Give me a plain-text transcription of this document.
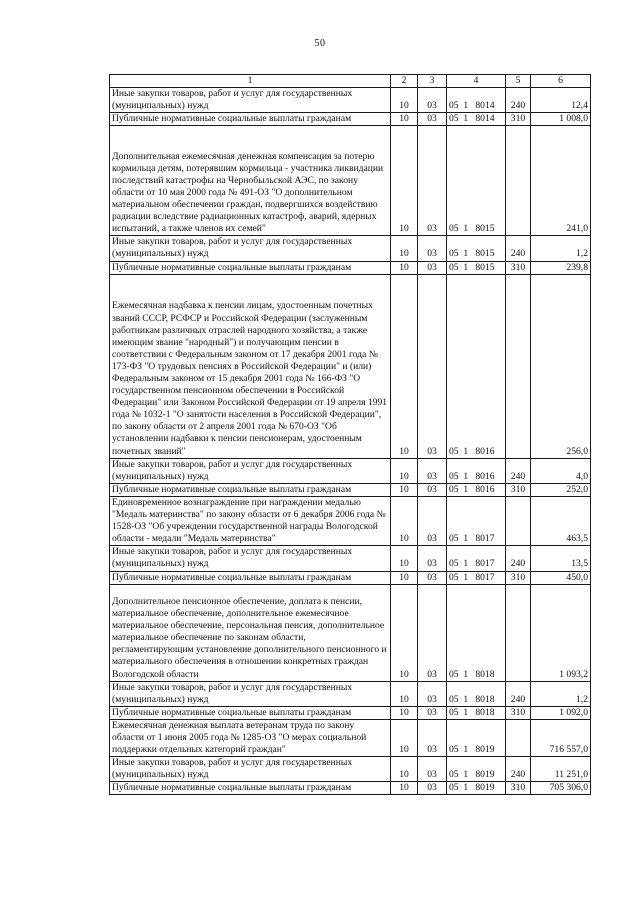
50
1	2	3	4	5	6
Иные закупки товаров, работ и услуг для государственных (муниципальных) нужд	10	03	05  1   8014	240	12,4
Публичные нормативные социальные выплаты гражданам	10	03	05  1   8014	310	1 008,0
Дополнительная ежемесячная денежная компенсация за потерю кормильца детям, потерявшим кормильца - участника ликвидации последствий катастрофы на Чернобыльской АЭС, по закону области от 10 мая 2000 года № 491-ОЗ "О дополнительном материальном обеспечении граждан, подвергшихся воздействию радиации вследствие радиационных катастроф, аварий, ядерных испытаний, а также членов их семей"	10	03	05  1   8015		241,0
Иные закупки товаров, работ и услуг для государственных (муниципальных) нужд	10	03	05  1   8015	240	1,2
Публичные нормативные социальные выплаты гражданам	10	03	05  1   8015	310	239,8
Ежемесячная надбавка к пенсии лицам, удостоенным почетных званий СССР, РСФСР и Российской Федерации (заслуженным работникам различных отраслей народного хозяйства, а также имеющим звание "народный") и получающим пенсии в соответствии с Федеральным законом от 17 декабря 2001 года № 173-ФЗ "О трудовых пенсиях в Российской Федерации" и (или) Федеральным законом от 15 декабря 2001 года № 166-ФЗ "О государственном пенсионном обеспечении в Российской Федерации" или Законом Российской Федерации от 19 апреля 1991 года № 1032-1 "О занятости населения в Российской Федерации", по закону области от 2 апреля 2001 года № 670-ОЗ "Об установлении надбавки к пенсии пенсионерам, удостоенным почетных званий"	10	03	05  1   8016		256,0
Иные закупки товаров, работ и услуг для государственных (муниципальных) нужд	10	03	05  1   8016	240	4,0
Публичные нормативные социальные выплаты гражданам	10	03	05  1   8016	310	252,0
Единовременное вознаграждение при награждении медалью "Медаль материнства" по закону области от 6 декабря 2006 года № 1528-ОЗ "Об учреждении государственной награды Вологодской области - медали "Медаль материнства"	10	03	05  1   8017		463,5
Иные закупки товаров, работ и услуг для государственных (муниципальных) нужд	10	03	05  1   8017	240	13,5
Публичные нормативные социальные выплаты гражданам	10	03	05  1   8017	310	450,0
Дополнительное пенсионное обеспечение, доплата к пенсии, материальное обеспечение, дополнительное ежемесячное материальное обеспечение, персональная пенсия, дополнительное материальное обеспечение по законам области, регламентирующим установление дополнительного пенсионного и материального обеспечения в отношении конкретных граждан Вологодской области	10	03	05  1   8018		1 093,2
Иные закупки товаров, работ и услуг для государственных (муниципальных) нужд	10	03	05  1   8018	240	1,2
Публичные нормативные социальные выплаты гражданам	10	03	05  1   8018	310	1 092,0
Ежемесячная денежная выплата ветеранам труда по закону области от 1 июня 2005 года № 1285-ОЗ "О мерах социальной поддержки отдельных категорий граждан"	10	03	05  1   8019		716 557,0
Иные закупки товаров, работ и услуг для государственных (муниципальных) нужд	10	03	05  1   8019	240	11 251,0
Публичные нормативные социальные выплаты гражданам	10	03	05  1   8019	310	705 306,0
